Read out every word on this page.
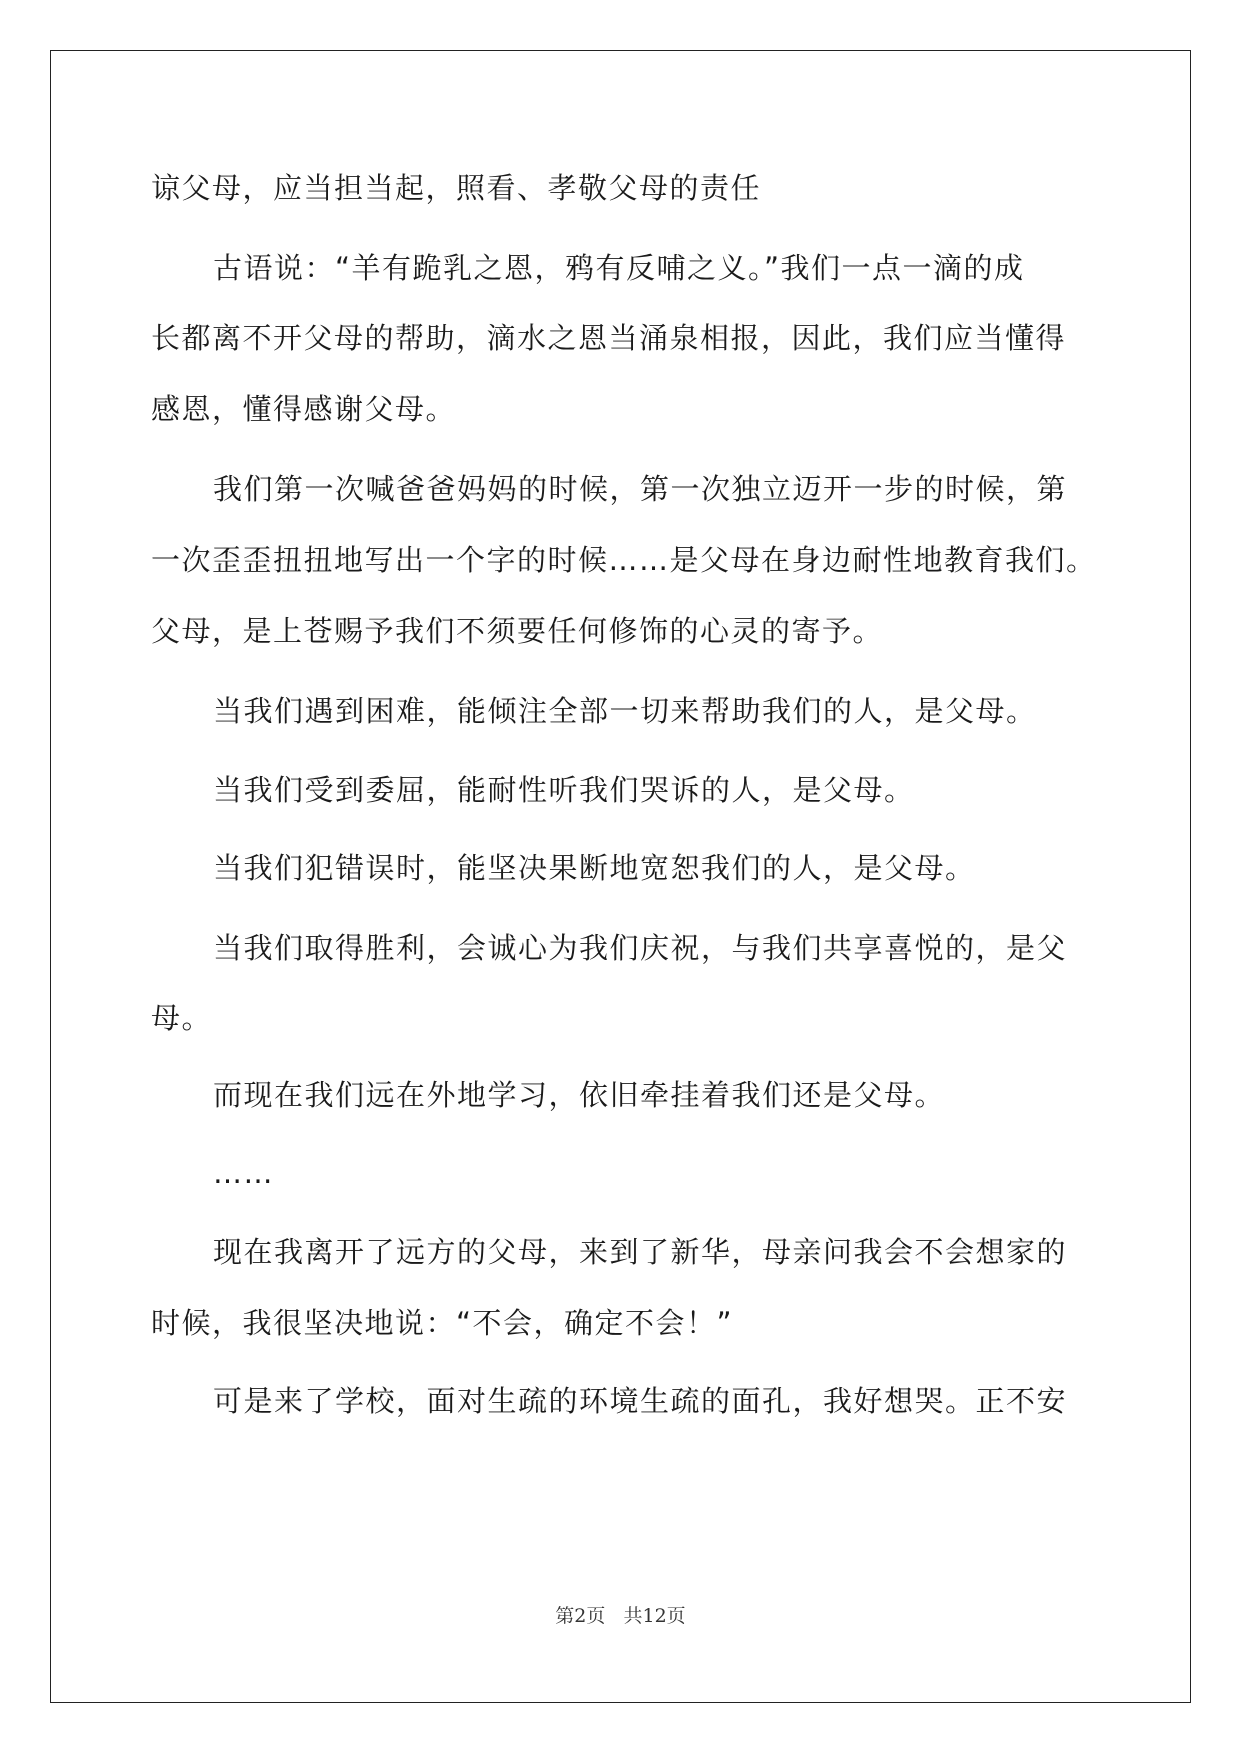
谅父母，应当担当起，照看、孝敬父母的责任
古语说：“羊有跪乳之恩，鸦有反哺之义。”我们一点一滴的成
长都离不开父母的帮助，滴水之恩当涌泉相报，因此，我们应当懂得
感恩，懂得感谢父母。
我们第一次喊爸爸妈妈的时候，第一次独立迈开一步的时候，第
一次歪歪扭扭地写出一个字的时候……是父母在身边耐性地教育我们。
父母，是上苍赐予我们不须要任何修饰的心灵的寄予。
当我们遇到困难，能倾注全部一切来帮助我们的人，是父母。
当我们受到委屈，能耐性听我们哭诉的人，是父母。
当我们犯错误时，能坚决果断地宽恕我们的人，是父母。
当我们取得胜利，会诚心为我们庆祝，与我们共享喜悦的，是父
母。
而现在我们远在外地学习，依旧牵挂着我们还是父母。
……
现在我离开了远方的父母，来到了新华，母亲问我会不会想家的
时候，我很坚决地说：“不会，确定不会！”
可是来了学校，面对生疏的环境生疏的面孔，我好想哭。正不安
第2页   共12页
